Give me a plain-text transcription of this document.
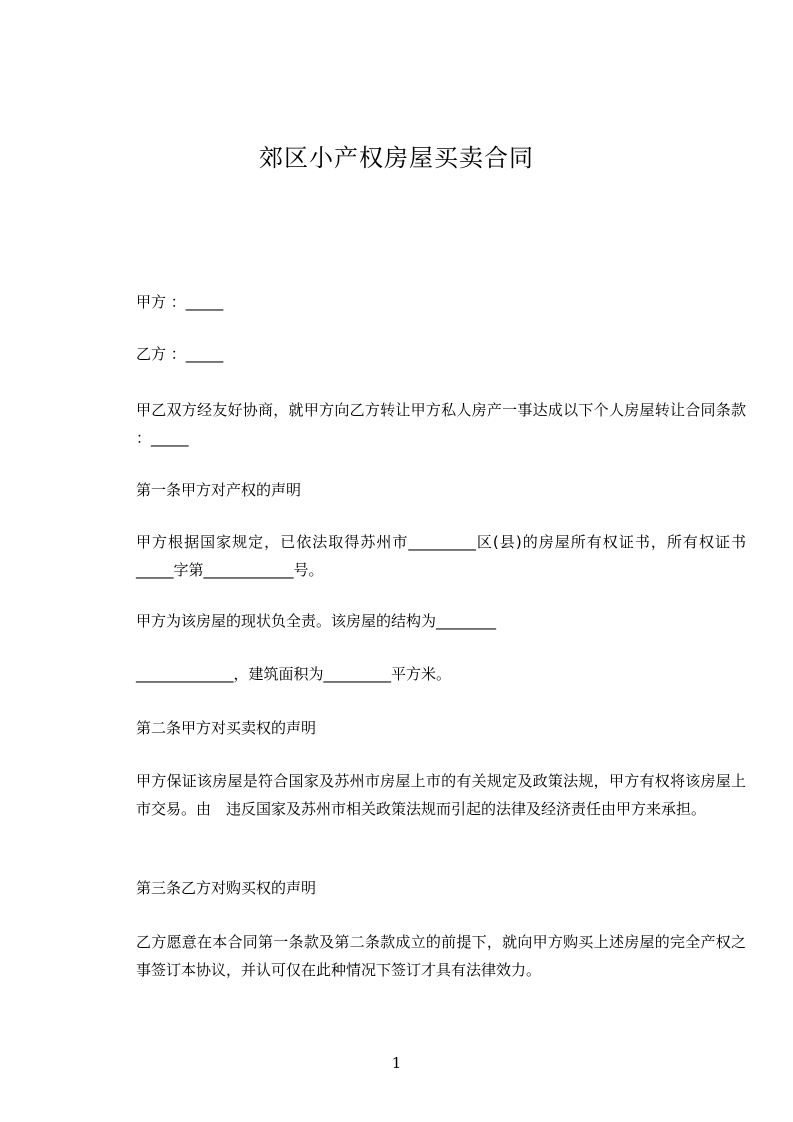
郊区小产权房屋买卖合同
甲方 ：_____
乙方 ：_____
甲乙双方经友好协商，就甲方向乙方转让甲方私人房产一事达成以下个人房屋转让合同条款 ：_____
第一条甲方对产权的声明
甲方根据国家规定，已依法取得苏州市_________区(县)的房屋所有权证书，所有权证书_____字第____________号。
甲方为该房屋的现状负全责。该房屋的结构为________
_____________，建筑面积为_________平方米。
第二条甲方对买卖权的声明
甲方保证该房屋是符合国家及苏州市房屋上市的有关规定及政策法规，甲方有权将该房屋上市交易。由　违反国家及苏州市相关政策法规而引起的法律及经济责任由甲方来承担。
第三条乙方对购买权的声明
乙方愿意在本合同第一条款及第二条款成立的前提下，就向甲方购买上述房屋的完全产权之事签订本协议，并认可仅在此种情况下签订才具有法律效力。
1
